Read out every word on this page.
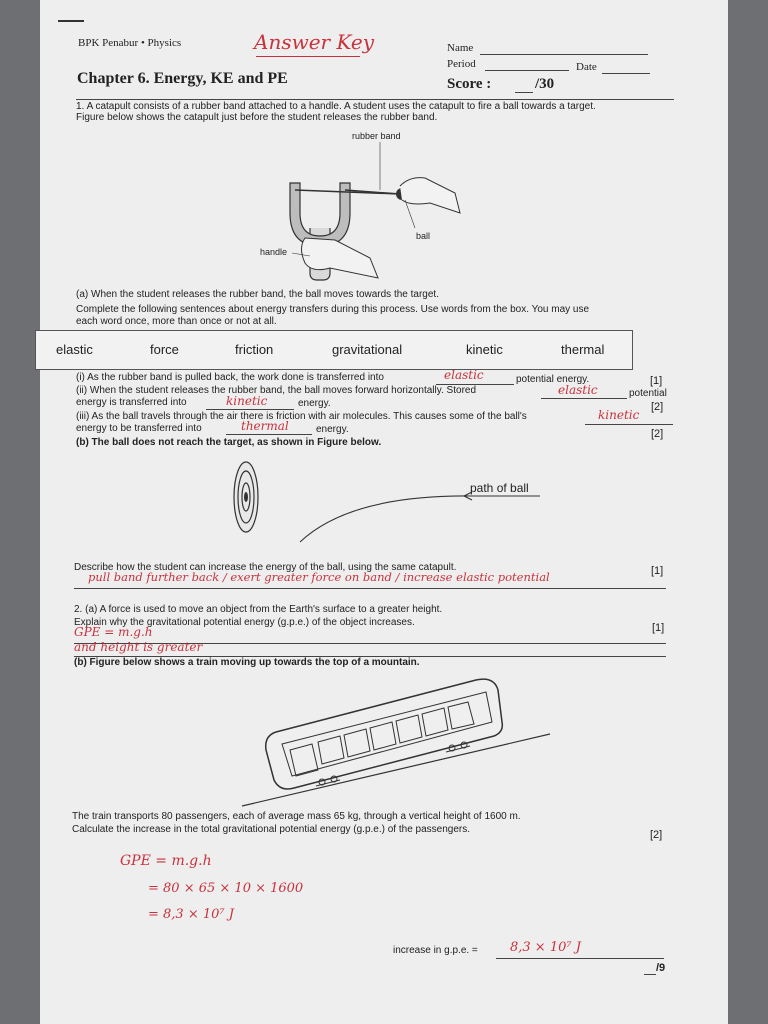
BPK Penabur • Physics	Answer Key	Name
Period	Date
Chapter 6. Energy, KE and PE	Score :	/30
1. A catapult consists of a rubber band attached to a handle. A student uses the catapult to fire a ball towards a target.
Figure below shows the catapult just before the student releases the rubber band.
rubber band
ball
handle
(a) When the student releases the rubber band, the ball moves towards the target.
Complete the following sentences about energy transfers during this process. Use words from the box. You may use
each word once, more than once or not at all.
elastic	force	friction	gravitational	kinetic	thermal
(i) As the rubber band is pulled back, the work done is transferred into	elastic	potential energy.	[1]
(ii) When the student releases the rubber band, the ball moves forward horizontally. Stored	elastic	potential
energy is transferred into	kinetic	energy.	[2]
(iii) As the ball travels through the air there is friction with air molecules. This causes some of the ball's	kinetic
energy to be transferred into	thermal	energy.	[2]
(b) The ball does not reach the target, as shown in Figure below.
path of ball
Describe how the student can increase the energy of the ball, using the same catapult.	[1]
pull band further back / exert greater force on band / increase elastic potential
2. (a) A force is used to move an object from the Earth's surface to a greater height.
Explain why the gravitational potential energy (g.p.e.) of the object increases.	[1]
GPE = m.g.h
and height is greater
(b) Figure below shows a train moving up towards the top of a mountain.
The train transports 80 passengers, each of average mass 65 kg, through a vertical height of 1600 m.
Calculate the increase in the total gravitational potential energy (g.p.e.) of the passengers.	[2]
GPE = m.g.h
= 80 × 65 × 10 × 1600
= 8,3 × 10⁷ J
increase in g.p.e. = 8,3 × 10⁷ J
/9
